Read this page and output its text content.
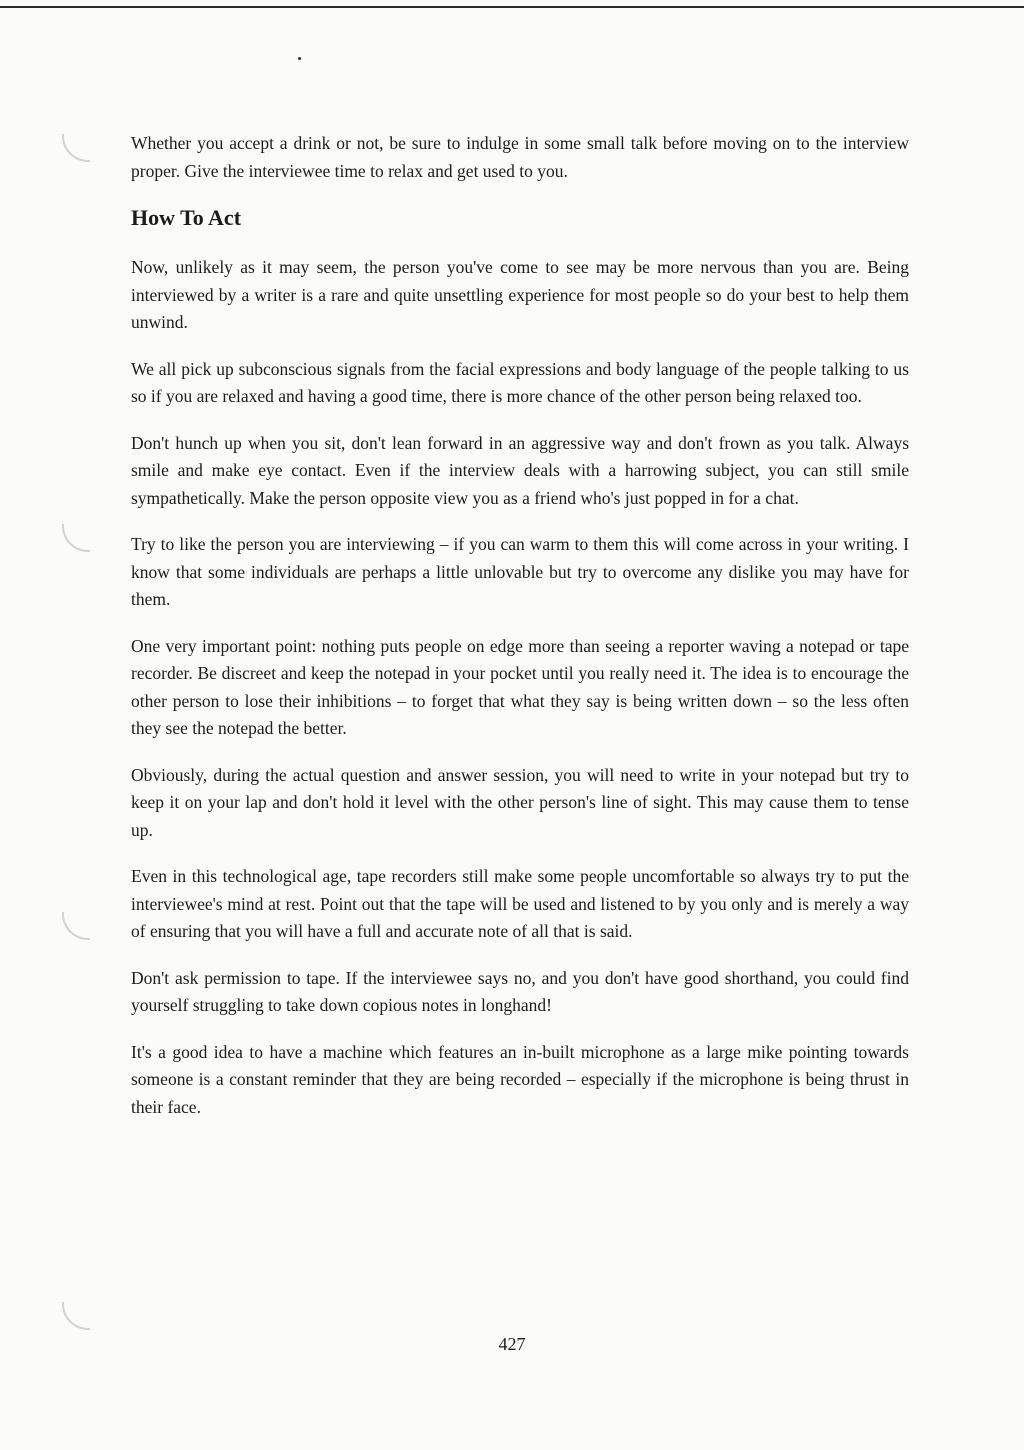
Whether you accept a drink or not, be sure to indulge in some small talk before moving on to the interview proper. Give the interviewee time to relax and get used to you.

How To Act

Now, unlikely as it may seem, the person you've come to see may be more nervous than you are. Being interviewed by a writer is a rare and quite unsettling experience for most people so do your best to help them unwind.

We all pick up subconscious signals from the facial expressions and body language of the people talking to us so if you are relaxed and having a good time, there is more chance of the other person being relaxed too.

Don't hunch up when you sit, don't lean forward in an aggressive way and don't frown as you talk. Always smile and make eye contact. Even if the interview deals with a harrowing subject, you can still smile sympathetically. Make the person opposite view you as a friend who's just popped in for a chat.

Try to like the person you are interviewing – if you can warm to them this will come across in your writing. I know that some individuals are perhaps a little unlovable but try to overcome any dislike you may have for them.

One very important point: nothing puts people on edge more than seeing a reporter waving a notepad or tape recorder. Be discreet and keep the notepad in your pocket until you really need it. The idea is to encourage the other person to lose their inhibitions – to forget that what they say is being written down – so the less often they see the notepad the better.

Obviously, during the actual question and answer session, you will need to write in your notepad but try to keep it on your lap and don't hold it level with the other person's line of sight. This may cause them to tense up.

Even in this technological age, tape recorders still make some people uncomfortable so always try to put the interviewee's mind at rest. Point out that the tape will be used and listened to by you only and is merely a way of ensuring that you will have a full and accurate note of all that is said.

Don't ask permission to tape. If the interviewee says no, and you don't have good shorthand, you could find yourself struggling to take down copious notes in longhand!

It's a good idea to have a machine which features an in-built microphone as a large mike pointing towards someone is a constant reminder that they are being recorded – especially if the microphone is being thrust in their face.

427
